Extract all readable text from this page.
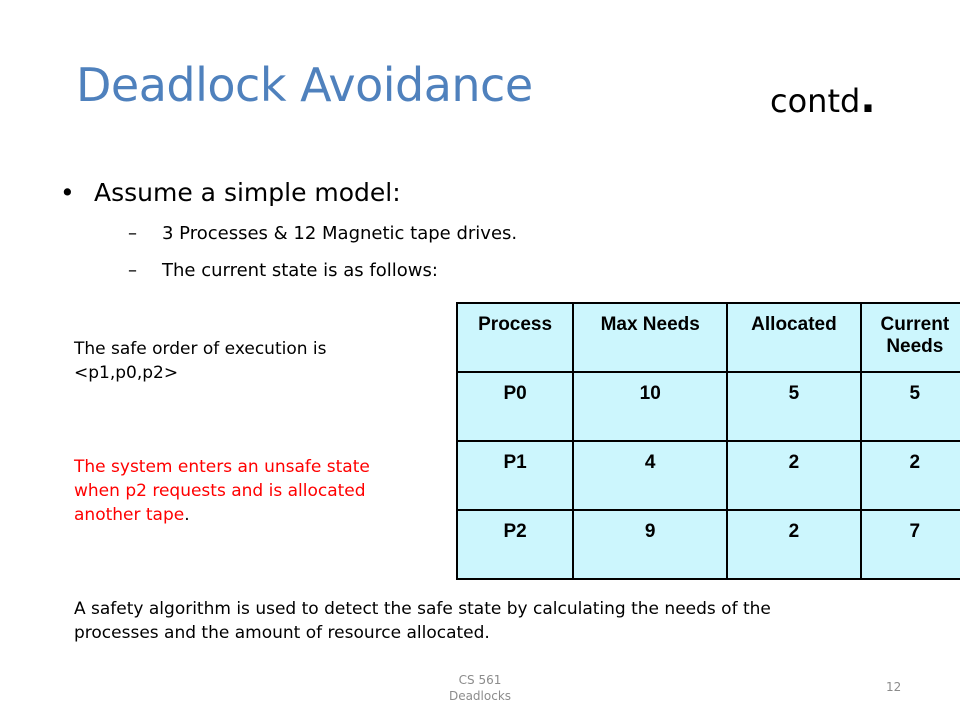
Deadlock Avoidance	contd.
• Assume a simple model:
– 3 Processes & 12 Magnetic tape drives.
– The current state is as follows:
The safe order of execution is
<p1,p0,p2>
The system enters an unsafe state
when p2 requests and is allocated
another tape.
Process	Max Needs	Allocated	Current
Needs
P0	10	5	5
P1	4	2	2
P2	9	2	7
A safety algorithm is used to detect the safe state by calculating the needs of the
processes and the amount of resource allocated.
CS 561
Deadlocks
12
